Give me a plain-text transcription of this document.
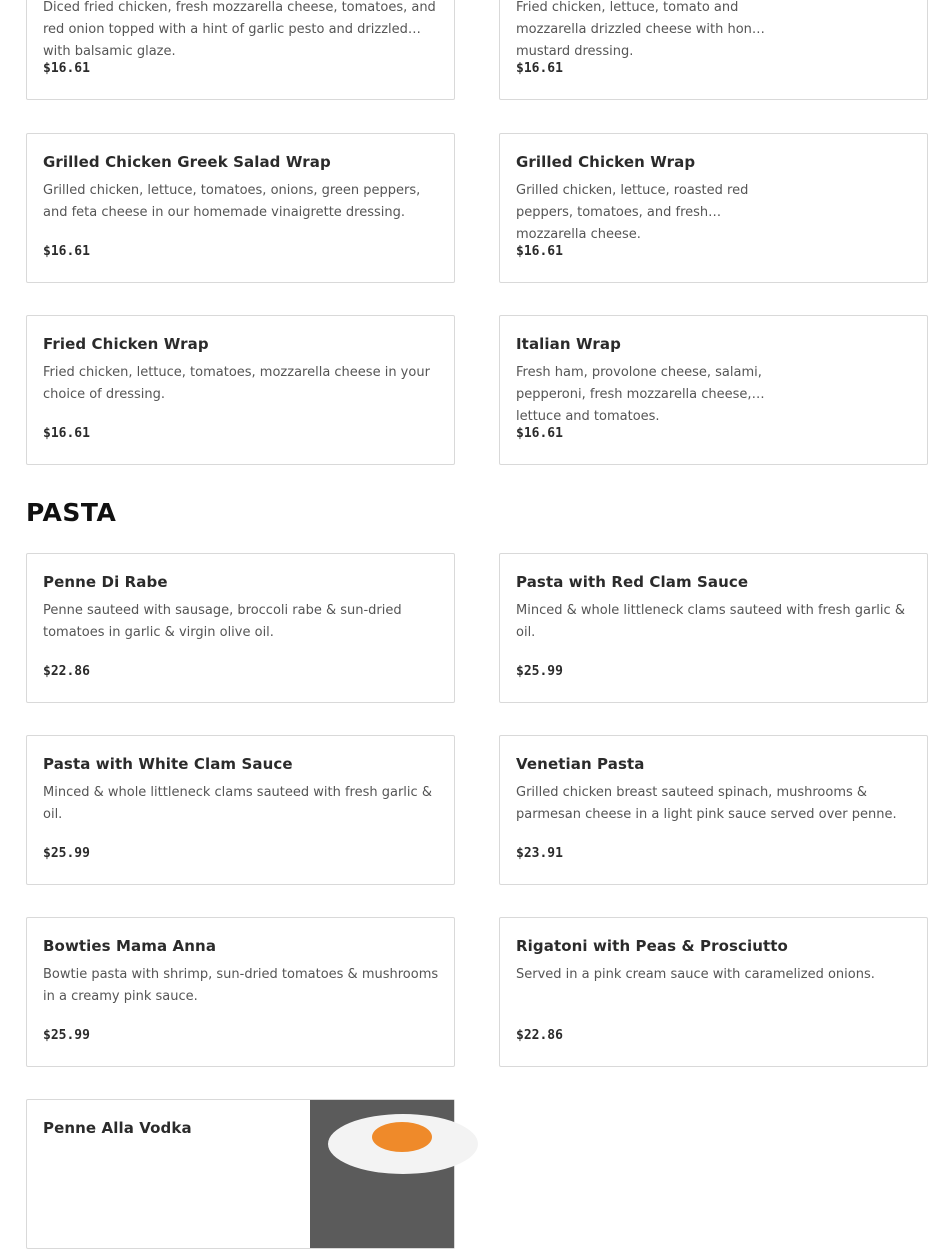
Diced fried chicken, fresh mozzarella cheese, tomatoes, and red onion topped with a hint of garlic pesto and drizzled with balsamic glaze.
$16.61
Fried chicken, lettuce, tomato and mozzarella drizzled cheese with honey mustard dressing.
$16.61
Grilled Chicken Greek Salad Wrap
Grilled chicken, lettuce, tomatoes, onions, green peppers, and feta cheese in our homemade vinaigrette dressing.
$16.61
Grilled Chicken Wrap
Grilled chicken, lettuce, roasted red peppers, tomatoes, and fresh mozzarella cheese.
$16.61
Fried Chicken Wrap
Fried chicken, lettuce, tomatoes, mozzarella cheese in your choice of dressing.
$16.61
Italian Wrap
Fresh ham, provolone cheese, salami, pepperoni, fresh mozzarella cheese, lettuce and tomatoes.
$16.61
PASTA
Penne Di Rabe
Penne sauteed with sausage, broccoli rabe & sun-dried tomatoes in garlic & virgin olive oil.
$22.86
Pasta with Red Clam Sauce
Minced & whole littleneck clams sauteed with fresh garlic & oil.
$25.99
Pasta with White Clam Sauce
Minced & whole littleneck clams sauteed with fresh garlic & oil.
$25.99
Venetian Pasta
Grilled chicken breast sauteed spinach, mushrooms & parmesan cheese in a light pink sauce served over penne.
$23.91
Bowties Mama Anna
Bowtie pasta with shrimp, sun-dried tomatoes & mushrooms in a creamy pink sauce.
$25.99
Rigatoni with Peas & Prosciutto
Served in a pink cream sauce with caramelized onions.
$22.86
Penne Alla Vodka
